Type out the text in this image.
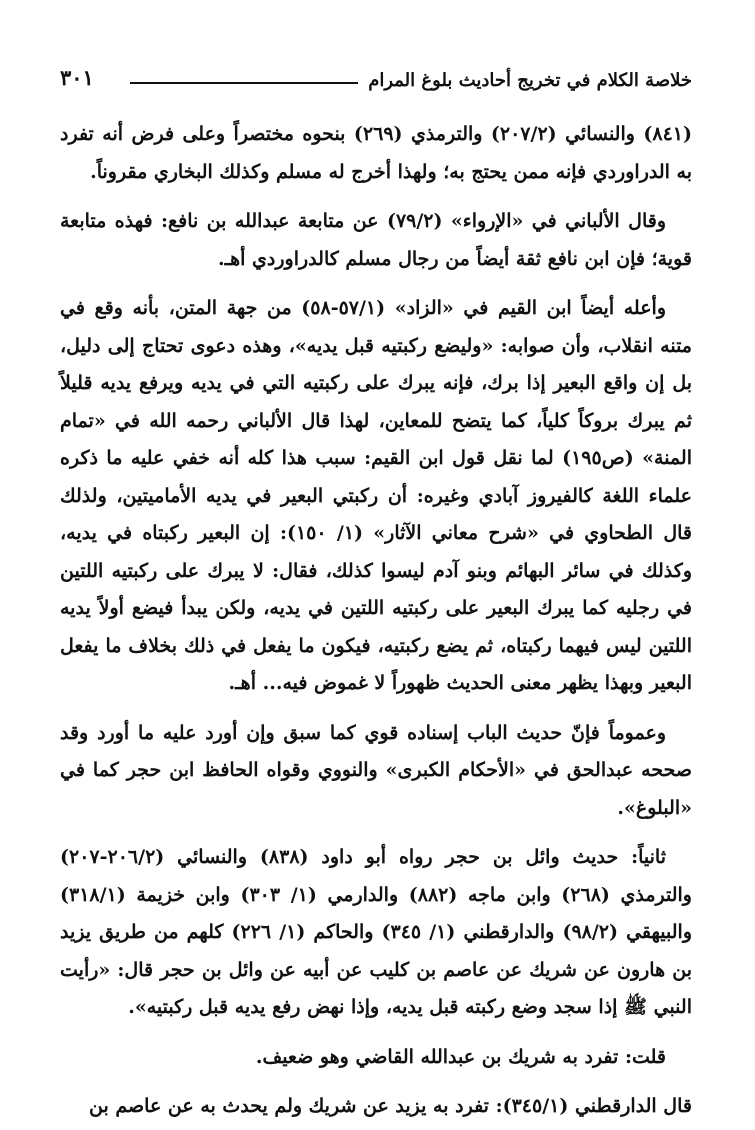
٣٠١	خلاصة الكلام في تخريج أحاديث بلوغ المرام

(٨٤١) والنسائي (٢٠٧/٢) والترمذي (٢٦٩) بنحوه مختصراً وعلى فرض أنه تفرد به الدراوردي فإنه ممن يحتج به؛ ولهذا أخرج له مسلم وكذلك البخاري مقروناً.

وقال الألباني في «الإرواء» (٧٩/٢) عن متابعة عبدالله بن نافع: فهذه متابعة قوية؛ فإن ابن نافع ثقة أيضاً من رجال مسلم كالدراوردي أهـ.

وأعله أيضاً ابن القيم في «الزاد» (٥٧/١-٥٨) من جهة المتن، بأنه وقع في متنه انقلاب، وأن صوابه: «وليضع ركبتيه قبل يديه»، وهذه دعوى تحتاج إلى دليل، بل إن واقع البعير إذا برك، فإنه يبرك على ركبتيه التي في يديه ويرفع يديه قليلاً ثم يبرك بروكاً كلياً، كما يتضح للمعاين، لهذا قال الألباني رحمه الله في «تمام المنة» (ص١٩٥) لما نقل قول ابن القيم: سبب هذا كله أنه خفي عليه ما ذكره علماء اللغة كالفيروز آبادي وغيره: أن ركبتي البعير في يديه الأماميتين، ولذلك قال الطحاوي في «شرح معاني الآثار» (١/ ١٥٠): إن البعير ركبتاه في يديه، وكذلك في سائر البهائم وبنو آدم ليسوا كذلك، فقال: لا يبرك على ركبتيه اللتين في رجليه كما يبرك البعير على ركبتيه اللتين في يديه، ولكن يبدأ فيضع أولاً يديه اللتين ليس فيهما ركبتاه، ثم يضع ركبتيه، فيكون ما يفعل في ذلك بخلاف ما يفعل البعير وبهذا يظهر معنى الحديث ظهوراً لا غموض فيه... أهـ.

وعموماً فإنّ حديث الباب إسناده قوي كما سبق وإن أورد عليه ما أورد وقد صححه عبدالحق في «الأحكام الكبرى» والنووي وقواه الحافظ ابن حجر كما في «البلوغ».

ثانياً: حديث وائل بن حجر رواه أبو داود (٨٣٨) والنسائي (٢٠٦/٢-٢٠٧) والترمذي (٢٦٨) وابن ماجه (٨٨٢) والدارمي (١/ ٣٠٣) وابن خزيمة (٣١٨/١) والبيهقي (٩٨/٢) والدارقطني (١/ ٣٤٥) والحاكم (١/ ٢٢٦) كلهم من طريق يزيد بن هارون عن شريك عن عاصم بن كليب عن أبيه عن وائل بن حجر قال: «رأيت النبي ﷺ إذا سجد وضع ركبته قبل يديه، وإذا نهض رفع يديه قبل ركبتيه».

قلت: تفرد به شريك بن عبدالله القاضي وهو ضعيف.

قال الدارقطني (٣٤٥/١): تفرد به يزيد عن شريك ولم يحدث به عن عاصم بن
